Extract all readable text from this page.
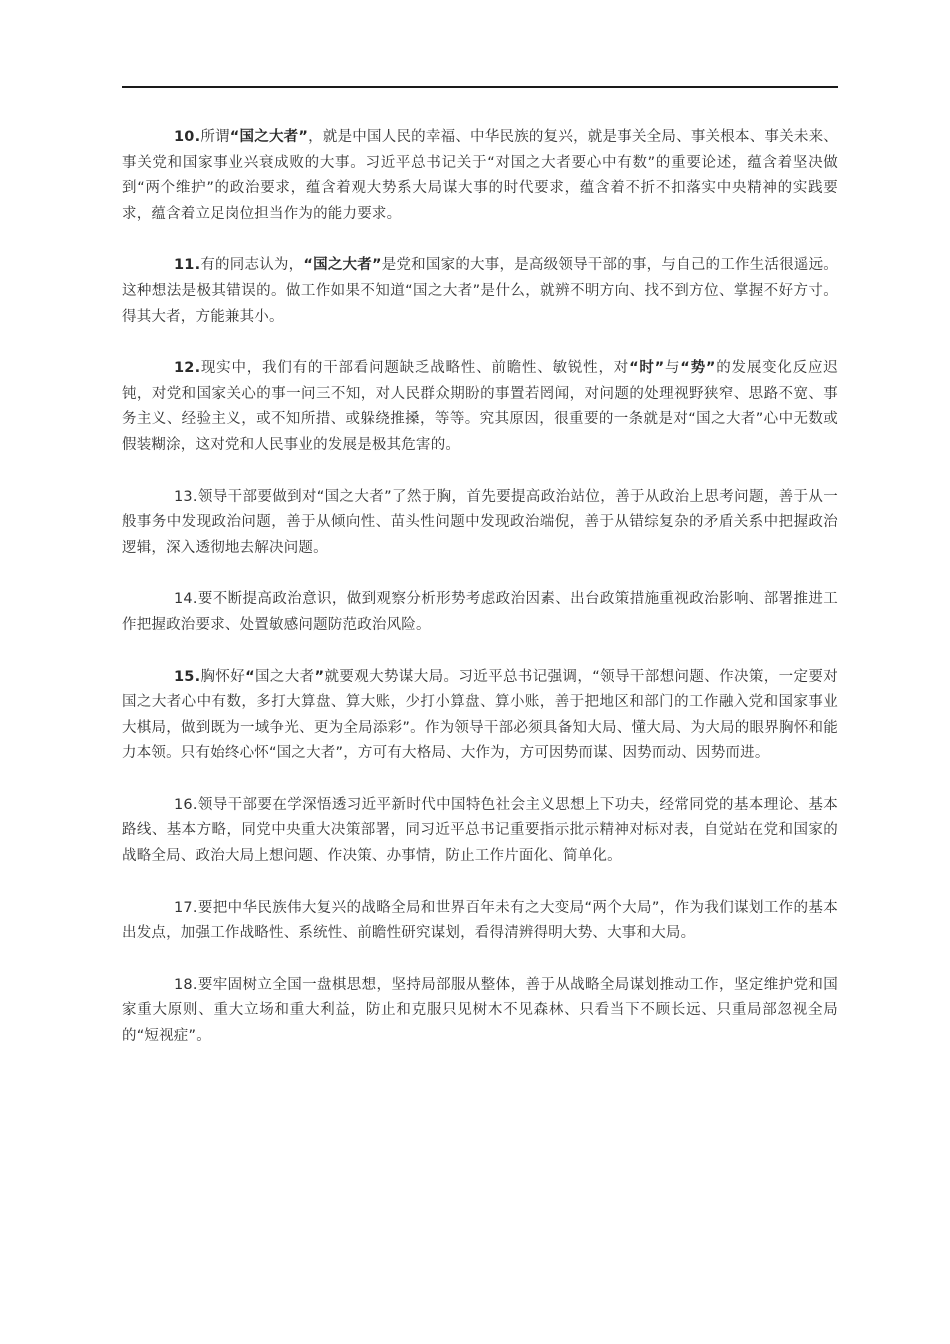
10.所谓“国之大者”，就是中国人民的幸福、中华民族的复兴，就是事关全局、事关根本、事关未来、事关党和国家事业兴衰成败的大事。习近平总书记关于“对国之大者要心中有数”的重要论述，蕴含着坚决做到“两个维护”的政治要求，蕴含着观大势系大局谋大事的时代要求，蕴含着不折不扣落实中央精神的实践要求，蕴含着立足岗位担当作为的能力要求。

11.有的同志认为，“国之大者”是党和国家的大事，是高级领导干部的事，与自己的工作生活很遥远。这种想法是极其错误的。做工作如果不知道“国之大者”是什么，就辨不明方向、找不到方位、掌握不好方寸。得其大者，方能兼其小。

12.现实中，我们有的干部看问题缺乏战略性、前瞻性、敏锐性，对“时”与“势”的发展变化反应迟钝，对党和国家关心的事一问三不知，对人民群众期盼的事置若罔闻，对问题的处理视野狭窄、思路不宽、事务主义、经验主义，或不知所措、或躲绕推搡，等等。究其原因，很重要的一条就是对“国之大者”心中无数或假装糊涂，这对党和人民事业的发展是极其危害的。

13.领导干部要做到对“国之大者”了然于胸，首先要提高政治站位，善于从政治上思考问题，善于从一般事务中发现政治问题，善于从倾向性、苗头性问题中发现政治端倪，善于从错综复杂的矛盾关系中把握政治逻辑，深入透彻地去解决问题。

14.要不断提高政治意识，做到观察分析形势考虑政治因素、出台政策措施重视政治影响、部署推进工作把握政治要求、处置敏感问题防范政治风险。

15.胸怀好“国之大者”就要观大势谋大局。习近平总书记强调，“领导干部想问题、作决策，一定要对国之大者心中有数，多打大算盘、算大账，少打小算盘、算小账，善于把地区和部门的工作融入党和国家事业大棋局，做到既为一域争光、更为全局添彩”。作为领导干部必须具备知大局、懂大局、为大局的眼界胸怀和能力本领。只有始终心怀“国之大者”，方可有大格局、大作为，方可因势而谋、因势而动、因势而进。

16.领导干部要在学深悟透习近平新时代中国特色社会主义思想上下功夫，经常同党的基本理论、基本路线、基本方略，同党中央重大决策部署，同习近平总书记重要指示批示精神对标对表，自觉站在党和国家的战略全局、政治大局上想问题、作决策、办事情，防止工作片面化、简单化。

17.要把中华民族伟大复兴的战略全局和世界百年未有之大变局“两个大局”，作为我们谋划工作的基本出发点，加强工作战略性、系统性、前瞻性研究谋划，看得清辨得明大势、大事和大局。

18.要牢固树立全国一盘棋思想，坚持局部服从整体，善于从战略全局谋划推动工作，坚定维护党和国家重大原则、重大立场和重大利益，防止和克服只见树木不见森林、只看当下不顾长远、只重局部忽视全局的“短视症”。
